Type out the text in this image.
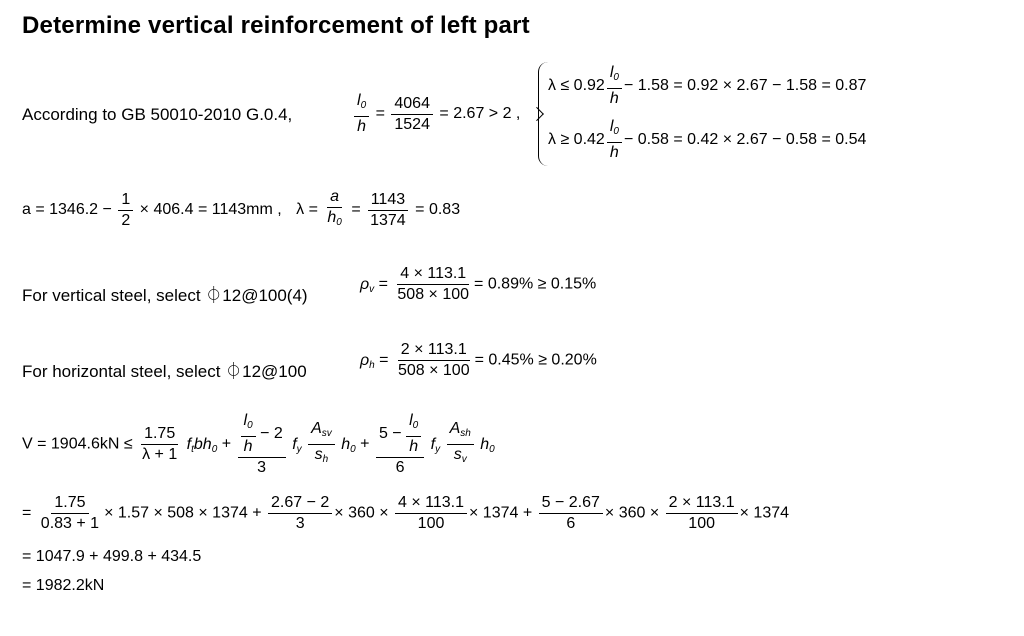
Determine vertical reinforcement of left part
According to GB 50010-2010 G.0.4,	$\frac{l_0}{h} = \frac{4064}{1524} = 2.67 > 2$ ,
$\lambda \le 0.92 \frac{l_0}{h} - 1.58 = 0.92 \times 2.67 - 1.58 = 0.87$
$\lambda \ge 0.42 \frac{l_0}{h} - 0.58 = 0.42 \times 2.67 - 0.58 = 0.54$
$a = 1346.2 - \frac{1}{2} \times 406.4 = 1143mm$ , $\lambda = \frac{a}{h_0} = \frac{1143}{1374} = 0.83$
For vertical steel, select ⏀12@100(4)
$\rho_v = \frac{4 \times 113.1}{508 \times 100} = 0.89\% \ge 0.15\%$
For horizontal steel, select ⏀12@100
$\rho_h = \frac{2 \times 113.1}{508 \times 100} = 0.45\% \ge 0.20\%$
$V = 1904.6kN \le \frac{1.75}{\lambda + 1} f_tbh_0 + \frac{\frac{l_0}{h} - 2}{3} f_y \frac{A_{sv}}{s_h} h_0 + \frac{5 - \frac{l_0}{h}}{6} f_y \frac{A_{sh}}{s_v} h_0$
= $\frac{1.75}{0.83 + 1} \times 1.57 \times 508 \times 1374 + \frac{2.67 - 2}{3} \times 360 \times \frac{4 \times 113.1}{100} \times 1374 + \frac{5 - 2.67}{6} \times 360 \times \frac{2 \times 113.1}{100} \times 1374$
= 1047.9 + 499.8 + 434.5
= 1982.2kN
